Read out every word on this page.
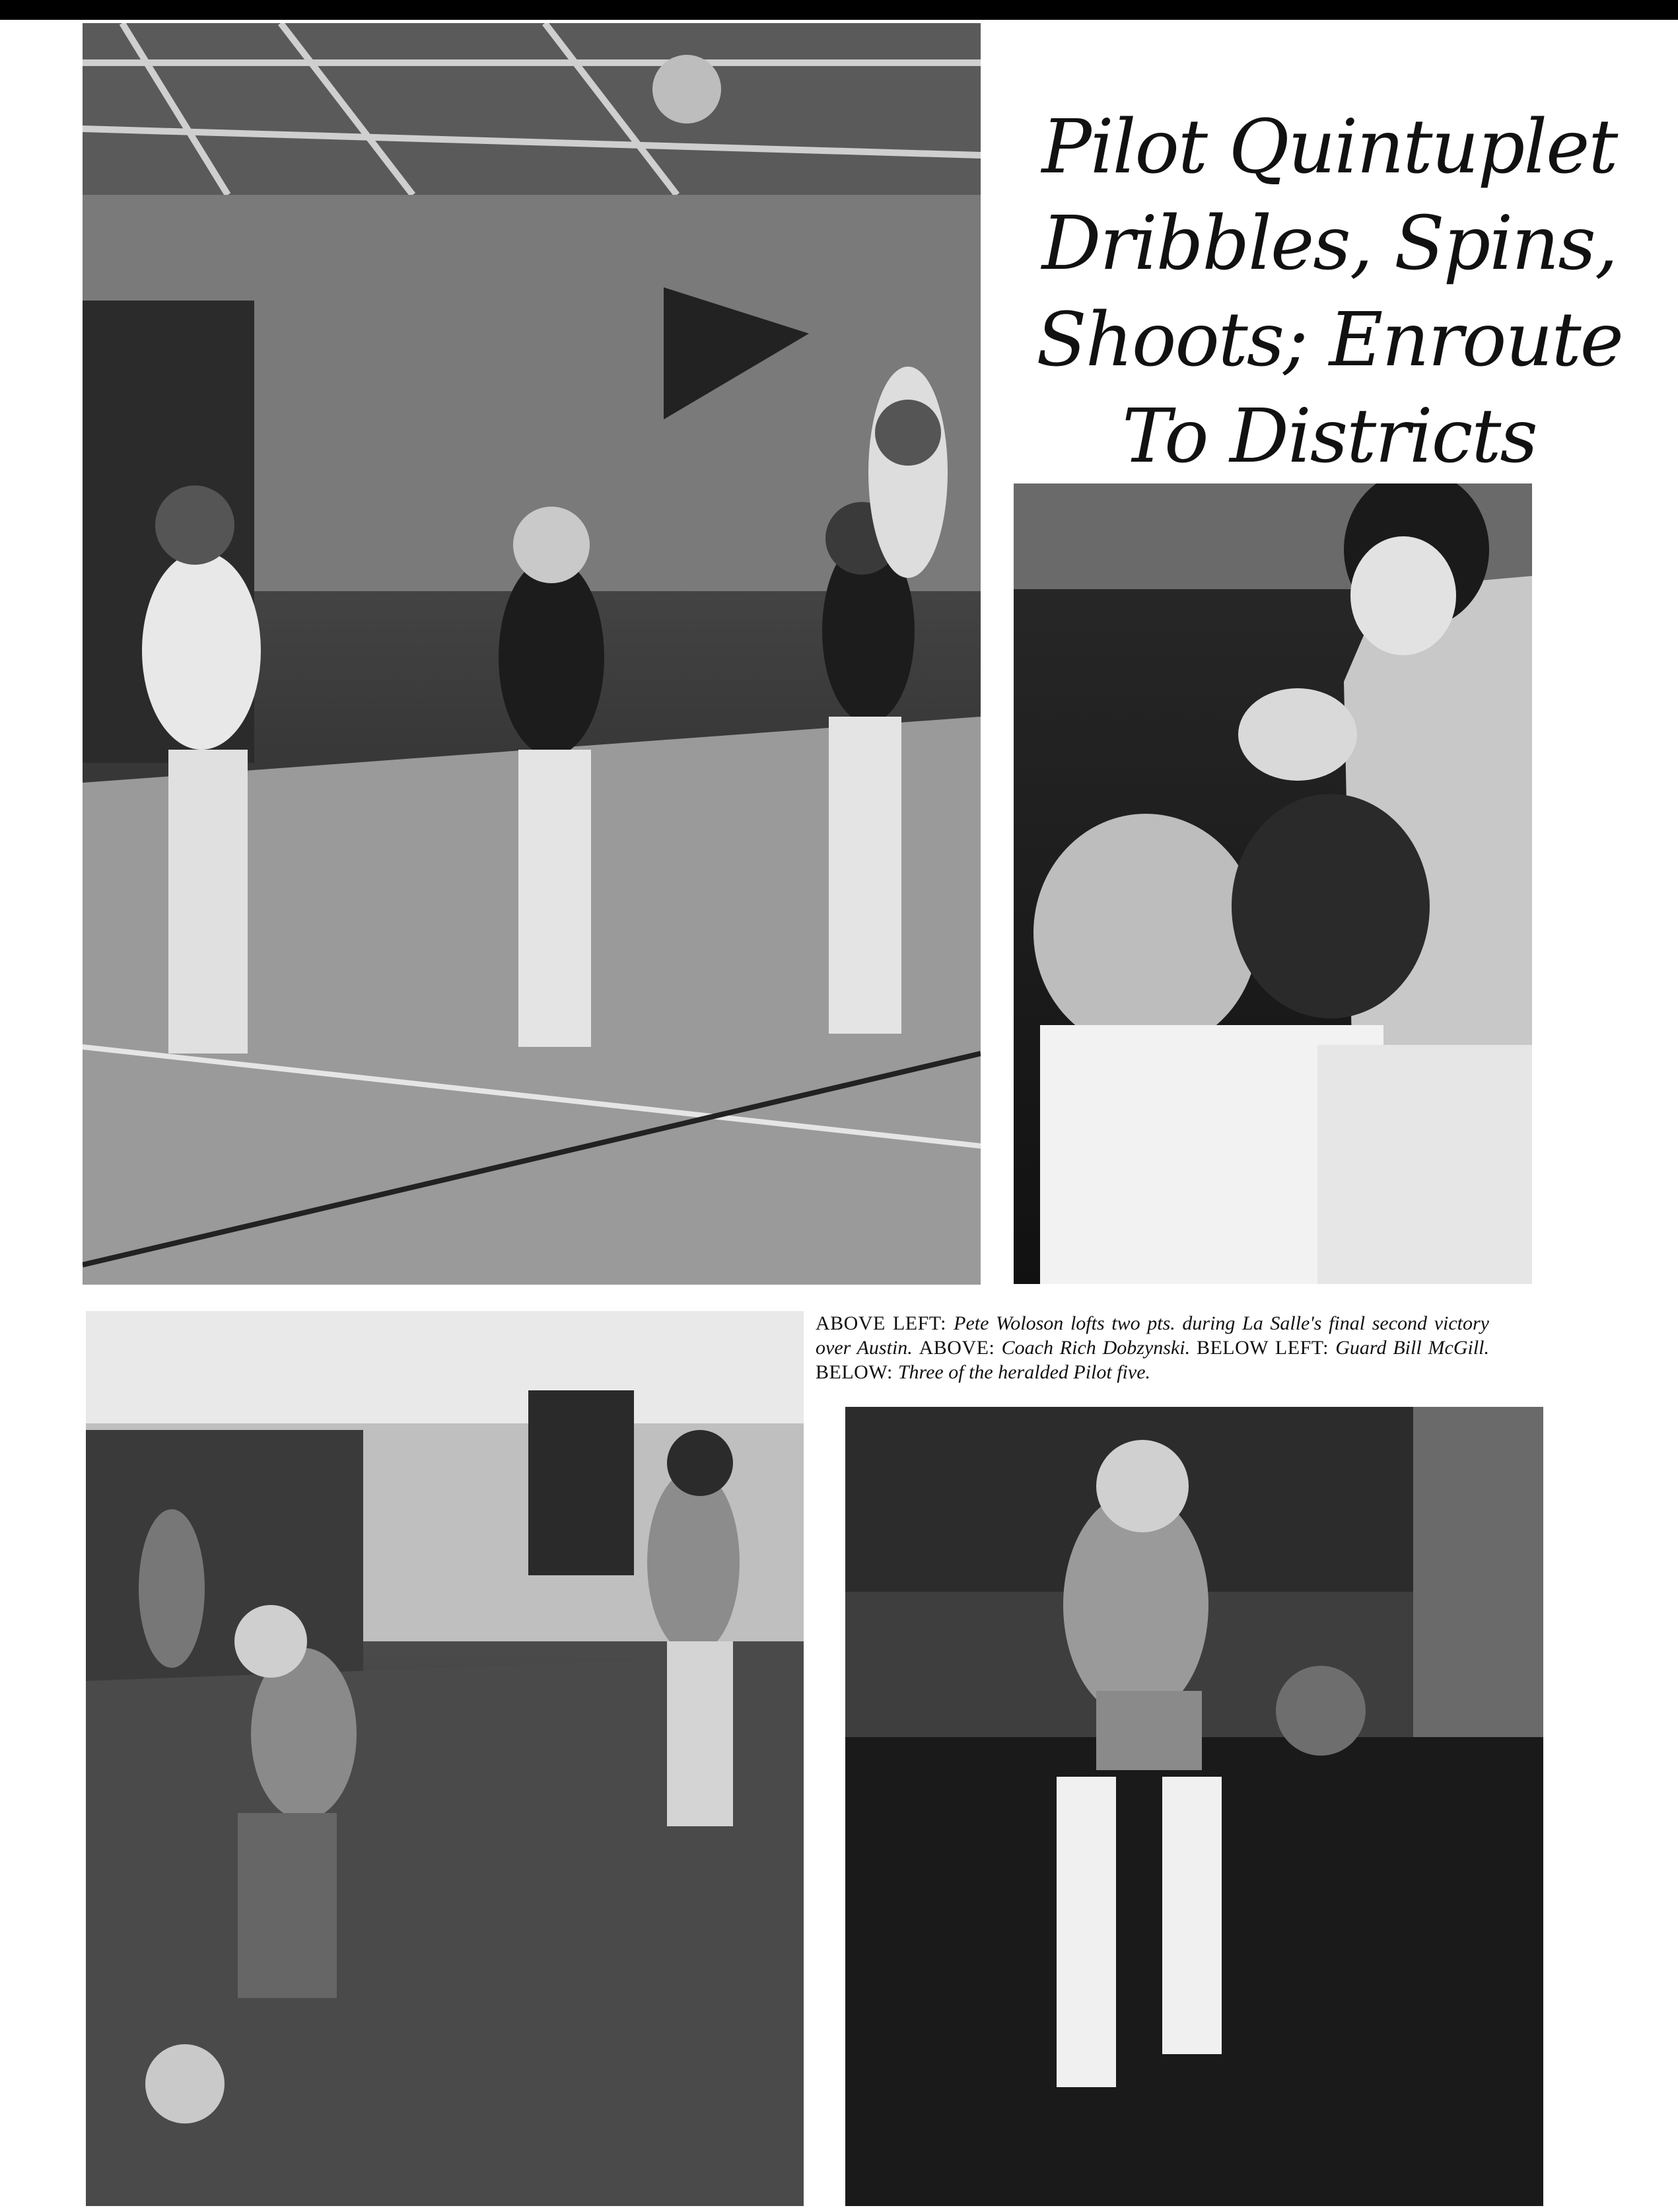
Pilot Quintuplet
Dribbles, Spins,
Shoots; Enroute
To Districts
ABOVE LEFT: Pete Woloson lofts two pts. during La Salle's final second victory over Austin. ABOVE: Coach Rich Dobzynski. BELOW LEFT: Guard Bill McGill. BELOW: Three of the heralded Pilot five.
